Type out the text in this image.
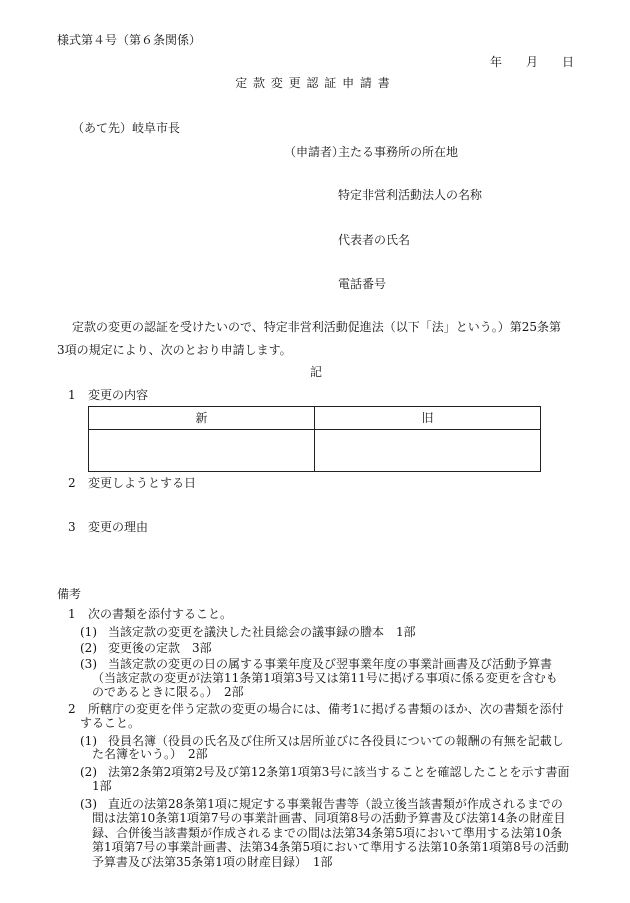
様式第４号（第６条関係）
年　　月　　日
定 款 変 更 認 証 申 請 書
（あて先）岐阜市長
（申請者）
主たる事務所の所在地
特定非営利活動法人の名称
代表者の氏名
電話番号
定款の変更の認証を受けたいので、特定非営利活動促進法（以下「法」という。）第25条第
3項の規定により、次のとおり申請します。
記
1 変更の内容
新	旧
2 変更しようとする日
3 変更の理由
備考
1 次の書類を添付すること。
(1) 当該定款の変更を議決した社員総会の議事録の謄本　1部
(2) 変更後の定款　3部
(3) 当該定款の変更の日の属する事業年度及び翌事業年度の事業計画書及び活動予算書
（当該定款の変更が法第11条第1項第3号又は第11号に掲げる事項に係る変更を含むも
のであるときに限る。）　2部
2 所轄庁の変更を伴う定款の変更の場合には、備考1に掲げる書類のほか、次の書類を添付
すること。
(1) 役員名簿（役員の氏名及び住所又は居所並びに各役員についての報酬の有無を記載し
た名簿をいう。）　2部
(2) 法第2条第2項第2号及び第12条第1項第3号に該当することを確認したことを示す書面
1部
(3) 直近の法第28条第1項に規定する事業報告書等（設立後当該書類が作成されるまでの
間は法第10条第1項第7号の事業計画書、同項第8号の活動予算書及び法第14条の財産目
録、合併後当該書類が作成されるまでの間は法第34条第5項において準用する法第10条
第1項第7号の事業計画書、法第34条第5項において準用する法第10条第1項第8号の活動
予算書及び法第35条第1項の財産目録）　1部
